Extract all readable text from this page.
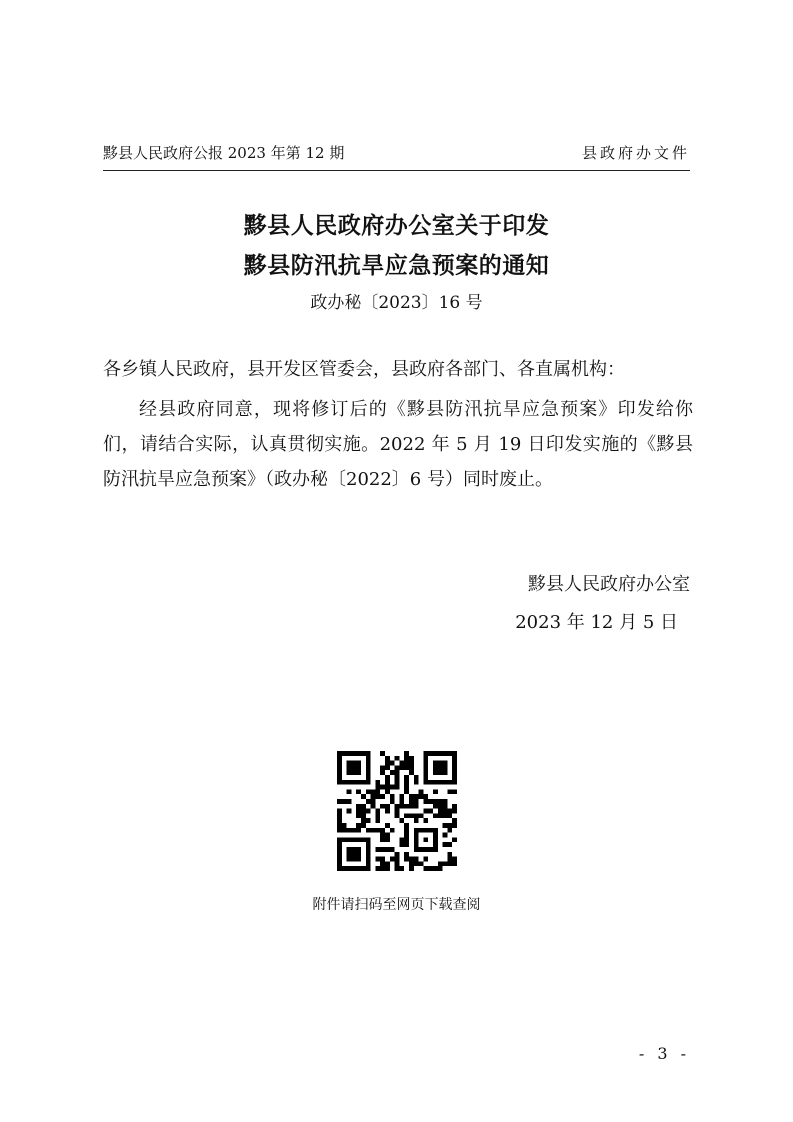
黟县人民政府公报 2023 年第 12 期	县政府办文件
黟县人民政府办公室关于印发
黟县防汛抗旱应急预案的通知
政办秘〔2023〕16 号
各乡镇人民政府，县开发区管委会，县政府各部门、各直属机构：
经县政府同意，现将修订后的《黟县防汛抗旱应急预案》印发给你们，请结合实际，认真贯彻实施。2022 年 5 月 19 日印发实施的《黟县防汛抗旱应急预案》（政办秘〔2022〕6 号）同时废止。
黟县人民政府办公室
2023 年 12 月 5 日
附件请扫码至网页下载查阅
- 3 -
